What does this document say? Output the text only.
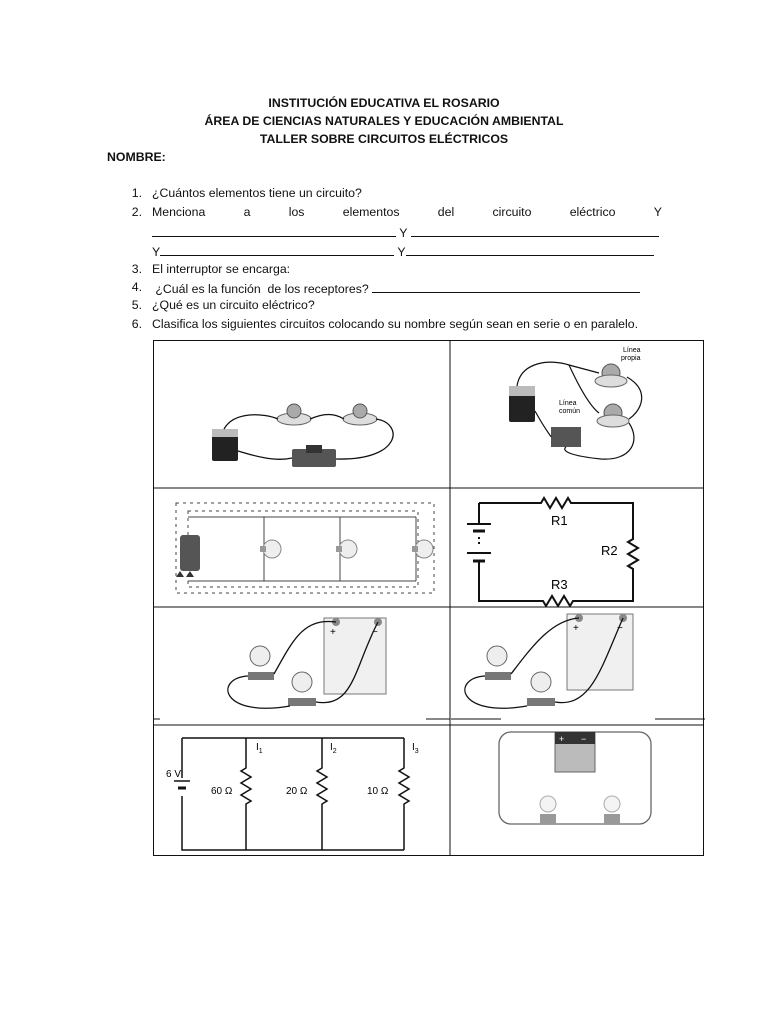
INSTITUCIÓN EDUCATIVA EL ROSARIO
ÁREA DE CIENCIAS NATURALES Y EDUCACIÓN AMBIENTAL
TALLER SOBRE CIRCUITOS ELÉCTRICOS
NOMBRE:
1. ¿Cuántos elementos tiene un circuito?
2. Menciona	a	los	elementos	del	circuito	eléctrico	Y
Y
Y	Y
3. El interruptor se encarga:
4. ¿Cuál es la función  de los receptores?
5. ¿Qué es un circuito eléctrico?
6. Clasifica los siguientes circuitos colocando su nombre según sean en serie o en paralelo.
Línea
propia
Línea
común
R1
R2
R3
+	−	+	−
6 V
60 Ω	20 Ω	10 Ω
$I_1$	$I_2$	$I_3$
+ −
